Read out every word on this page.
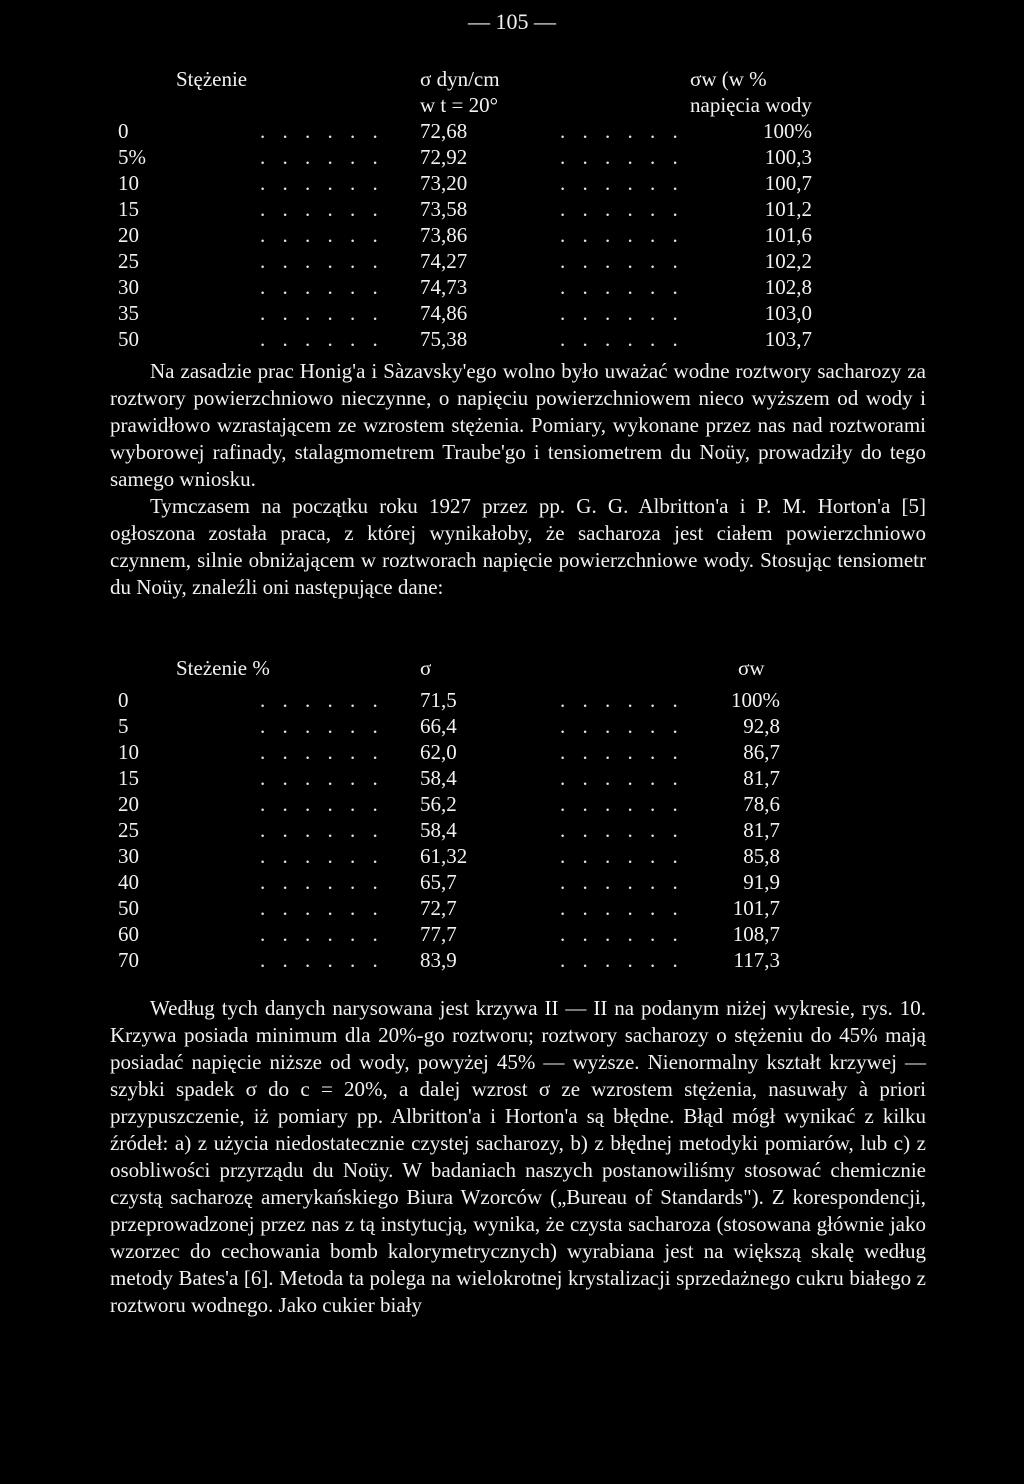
— 105 —
Stężenie	σ dyn/cm	σw (w %
w t = 20°	napięcia wody
0	. . . . . . 72,68	. . . . . .	100%
5%	. . . . . . 72,92	. . . . . .	100,3
10	. . . . . . 73,20	. . . . . .	100,7
15	. . . . . . 73,58	. . . . . .	101,2
20	. . . . . . 73,86	. . . . . .	101,6
25	. . . . . . 74,27	. . . . . .	102,2
30	. . . . . . 74,73	. . . . . .	102,8
35	. . . . . . 74,86	. . . . . .	103,0
50	. . . . . . 75,38	. . . . . .	103,7

Na zasadzie prac Honig'a i Sàzavsky'ego wolno było uważać wodne roztwory sacharozy za roztwory powierzchniowo nieczynne, o napięciu powierzchniowem nieco wyższem od wody i prawidłowo wzrastającem ze wzrostem stężenia. Pomiary, wykonane przez nas nad roztworami wyborowej rafinady, stalagmometrem Traube'go i tensiometrem du Noüy, prowadziły do tego samego wniosku.

Tymczasem na początku roku 1927 przez pp. G. G. Albritton'a i P. M. Horton'a [5] ogłoszona została praca, z której wynikałoby, że sacharoza jest ciałem powierzchniowo czynnem, silnie obniżającem w roztworach napięcie powierzchniowe wody. Stosując tensiometr du Noüy, znaleźli oni następujące dane:

Steżenie %	σ	σw
0	. . . . . . 71,5	. . . . . . 100%
5	. . . . . . 66,4	. . . . . .	92,8
10	. . . . . . 62,0	. . . . . .	86,7
15	. . . . . . 58,4	. . . . . .	81,7
20	. . . . . . 56,2	. . . . . .	78,6
25	. . . . . . 58,4	. . . . . .	81,7
30	. . . . . . 61,32	. . . . . .	85,8
40	. . . . . . 65,7	. . . . . .	91,9
50	. . . . . . 72,7	. . . . . . 101,7
60	. . . . . . 77,7	. . . . . . 108,7
70	. . . . . . 83,9	. . . . . . 117,3

Według tych danych narysowana jest krzywa II — II na podanym niżej wykresie, rys. 10. Krzywa posiada minimum dla 20%-go roztworu; roztwory sacharozy o stężeniu do 45% mają posiadać napięcie niższe od wody, powyżej 45% — wyższe. Nienormalny kształt krzywej — szybki spadek σ do c = 20%, a dalej wzrost σ ze wzrostem stężenia, nasuwały à priori przypuszczenie, iż pomiary pp. Albritton'a i Horton'a są błędne. Błąd mógł wynikać z kilku źródeł: a) z użycia niedostatecznie czystej sacharozy, b) z błędnej metodyki pomiarów, lub c) z osobliwości przyrządu du Noüy. W badaniach naszych postanowiliśmy stosować chemicznie czystą sacharozę amerykańskiego Biura Wzorców („Bureau of Standards"). Z korespondencji, przeprowadzonej przez nas z tą instytucją, wynika, że czysta sacharoza (stosowana głównie jako wzorzec do cechowania bomb kalorymetrycznych) wyrabiana jest na większą skalę według metody Bates'a [6]. Metoda ta polega na wielokrotnej krystalizacji sprzedażnego cukru białego z roztworu wodnego. Jako cukier biały
